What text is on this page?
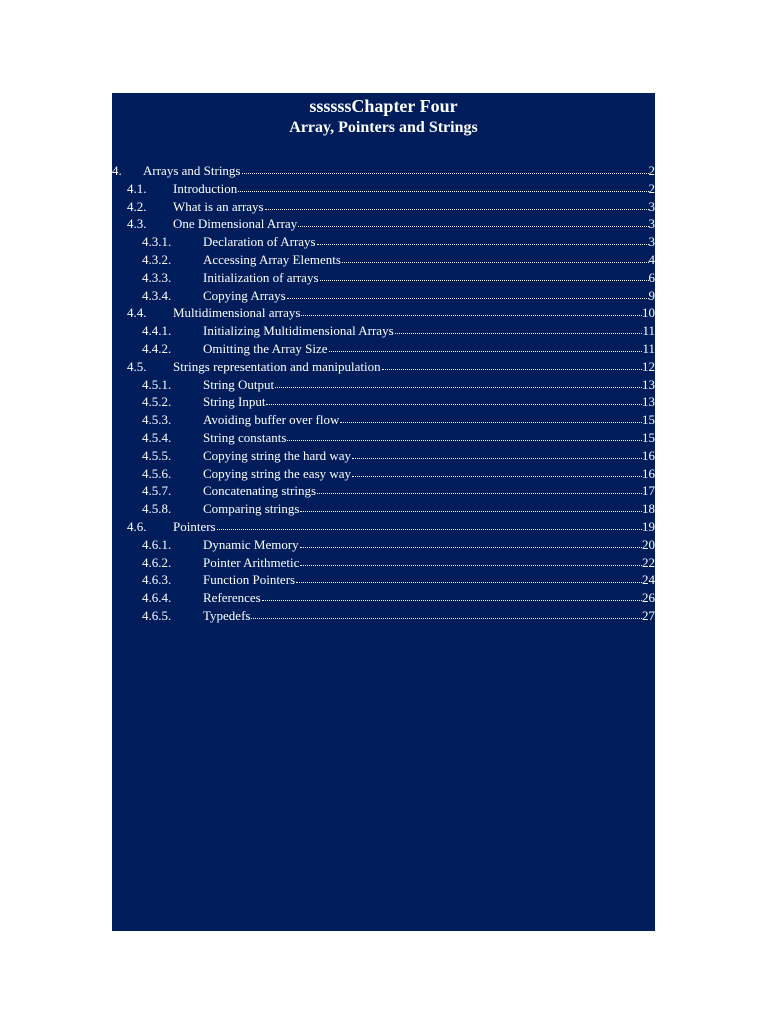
ssssssChapter Four
Array, Pointers and Strings
4.	Arrays and Strings	2
4.1.	Introduction	2
4.2.	What is an arrays	3
4.3.	One Dimensional Array	3
4.3.1.	Declaration of Arrays	3
4.3.2.	Accessing Array Elements	4
4.3.3.	Initialization of arrays	6
4.3.4.	Copying Arrays	9
4.4.	Multidimensional arrays	10
4.4.1.	Initializing Multidimensional Arrays	11
4.4.2.	Omitting the Array Size	11
4.5.	Strings representation and manipulation	12
4.5.1.	String Output	13
4.5.2.	String Input	13
4.5.3.	Avoiding buffer over flow	15
4.5.4.	String constants	15
4.5.5.	Copying string the hard way	16
4.5.6.	Copying string the easy way	16
4.5.7.	Concatenating strings	17
4.5.8.	Comparing strings	18
4.6.	Pointers	19
4.6.1.	Dynamic Memory	20
4.6.2.	Pointer Arithmetic	22
4.6.3.	Function Pointers	24
4.6.4.	References	26
4.6.5.	Typedefs	27
